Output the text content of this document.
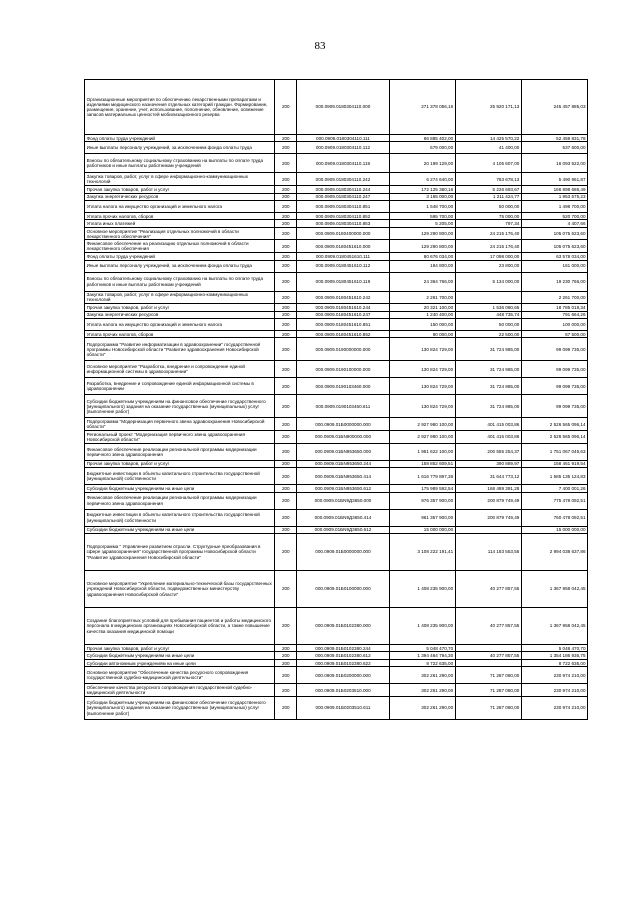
83
Организационные мероприятия по обеспечению лекарственными препаратами и изделиями медицинского назначения отдельных категорий граждан. Формирование, размещение, хранение, учет, использование, пополнение, обновление, освежение запасов материальных ценностей мобилизационного резерва	200	000.0909.0180304110.000	271 378 056,16	25 920 171,13	245 457 885,03
Фонд оплаты труда учреждений	200	000.0909.0180304110.111	66 885 402,00	14 425 570,22	52 459 831,78
Иные выплаты персоналу учреждений, за исключением фонда оплаты труда	200	000.0909.0180304110.112	579 000,00	41 400,00	537 600,00
Взносы по обязательному социальному страхованию на выплаты по оплате труда работников и иные выплаты работникам учреждений	200	000.0909.0180304110.119	20 199 129,00	4 105 607,00	16 093 522,00
Закупка товаров, работ, услуг в сфере информационно-коммуникационных технологий	200	000.0909.0180304110.242	6 274 640,00	783 678,13	5 490 961,87
Прочая закупка товаров, работ и услуг	200	000.0909.0180304110.244	172 125 380,16	5 226 693,67	166 898 686,49
Закупка энергетических ресурсов	200	000.0909.0180304110.247	3 165 000,00	1 211 424,77	1 953 575,23
Уплата налога на имущество организаций и земельного налога	200	000.0909.0180304110.851	1 548 700,00	50 000,00	1 498 700,00
Уплата прочих налогов, сборов	200	000.0909.0180304110.852	595 700,00	75 000,00	520 700,00
Уплата иных платежей	200	000.0909.0180304110.853	5 205,00	797,34	4 407,66
Основное мероприятие "Реализация отдельных полномочий в области лекарственного обеспечения"	200	000.0909.0180400000.000	129 290 800,00	24 215 176,40	105 075 623,60
Финансовое обеспечение на реализацию отдельных полномочий в области лекарственного обеспечения	200	000.0909.0180451610.000	129 290 800,00	24 215 176,40	105 075 623,60
Фонд оплаты труда учреждений	200	000.0909.0180451610.111	80 676 034,00	17 098 000,00	63 578 034,00
Иные выплаты персоналу учреждений, за исключением фонда оплаты труда	200	000.0909.0180451610.112	184 800,00	23 800,00	161 000,00
Взносы по обязательному социальному страхованию на выплаты по оплате труда работников и иные выплаты работникам учреждений	200	000.0909.0180451610.119	24 364 766,00	5 134 000,00	19 230 766,00
Закупка товаров, работ, услуг в сфере информационно-коммуникационных технологий	200	000.0909.0180451610.242	2 261 700,00		2 261 700,00
Прочая закупка товаров, работ и услуг	200	000.0909.0180451610.244	20 321 100,00	1 536 080,65	18 785 019,34
Закупка энергетических ресурсов	200	000.0909.0180451610.247	1 240 400,00	448 735,74	791 664,26
Уплата налога на имущество организаций и земельного налога	200	000.0909.0180451610.851	150 000,00	50 000,00	100 000,00
Уплата прочих налогов, сборов	200	000.0909.0180451610.852	90 000,00	22 500,00	67 500,00
Подпрограмма "Развитие информатизации в здравоохранении" государственной программы Новосибирской области "Развитие здравоохранения Новосибирской области"	200	000.0909.0190000000.000	130 824 729,00	31 724 985,00	99 099 735,00
Основное мероприятие "Разработка, внедрение и сопровождение единой информационной системы в здравоохранении"	200	000.0909.0190100000.000	130 824 729,00	31 724 985,00	99 099 735,00
Разработка, внедрение и сопровождение единой информационной системы в здравоохранении	200	000.0909.0190103460.000	130 824 729,00	31 724 985,00	99 099 735,00
Субсидии бюджетным учреждениям на финансовое обеспечение государственного (муниципального) задания на оказание государственных (муниципальных) услуг (выполнение работ)	200	000.0909.0190103460.611	130 824 729,00	31 724 985,00	99 099 735,00
Подпрограмма "Модернизация первичного звена здравоохранения Новосибирской области"	200	000.0909.01Б0000000.000	2 927 980 100,00	401 415 003,86	2 526 565 096,14
Региональный проект "Модернизация первичного звена здравоохранения Новосибирской области"	200	000.0909.01БN900000.000	2 927 980 100,00	401 415 003,86	2 526 565 096,14
Финансовое обеспечение реализации региональной программы модернизации первичного звена здравоохранения	200	000.0909.01БN953650.000	1 951 622 100,00	200 555 254,37	1 751 067 045,63
Прочая закупка товаров, работ и услуг	200	000.0909.01БN953650.244	158 852 609,51	390 889,97	158 461 919,54
Бюджетные инвестиции в объекты капитального строительства государственной (муниципальной) собственности	200	000.0909.01БN953650.414	1 616 779 897,36	31 644 773,12	1 585 135 124,83
Субсидии бюджетным учреждениям на иные цели	200	000.0909.01БN953650.612	175 989 592,54	168 489 391,28	7 400 001,26
Финансовое обеспечение реализации региональной программы модернизации первичного звена здравоохранения	200	000.0909.01БN9Д3650.000	976 357 900,00	200 879 749,49	775 478 092,51
Бюджетные инвестиции в объекты капитального строительства государственной (муниципальной) собственности	200	000.0909.01БN9Д3650.414	961 357 900,00	200 879 749,49	760 478 092,51
Субсидии бюджетным учреждениям на иные цели	200	000.0909.01БN9Д3650.612	15 000 000,00		15 000 000,00
Подпрограмма " Управление развитием отрасли. Структурные преобразования в сфере здравоохранения" государственной программы Новосибирской области "Развитие здравоохранения Новосибирской области"	200	000.0909.01Б0000000.000	3 108 222 191,41	114 183 553,55	2 994 038 637,86
Основное мероприятие "Укрепление материально-технической базы государственных учреждений Новосибирской области, подведомственных министерству здравоохранения Новосибирской области"	200	000.0909.01Б0100000.000	1 408 235 900,00	40 277 857,55	1 367 958 042,45
Создание благоприятных условий для пребывания пациентов и работы медицинского персонала в медицинских организациях Новосибирской области, а также повышение качества оказания медицинской помощи	200	000.0909.01Б0102380.000	1 408 235 900,00	40 277 857,55	1 367 958 042,45
Прочая закупка товаров, работ и услуг	200	000.0909.01Б0102380.244	5 048 470,70		5 048 470,70
Субсидии бюджетным учреждениям на иные цели	200	000.0909.01Б0102380.612	1 394 464 794,30	40 277 857,55	1 354 186 936,75
Субсидии автономным учреждениям на иные цели	200	000.0909.01Б0102380.622	8 722 635,00		8 722 635,00
Основное мероприятие "Обеспечение качества ресурсного сопровождения государственной судебно-медицинской деятельности"	200	000.0909.01Б0200000.000	302 261 290,00	71 287 080,00	230 974 210,00
Обеспечение качества ресурсного сопровождения государственной судебно-медицинской деятельности	200	000.0909.01Б0203510.000	302 261 290,00	71 287 080,00	230 974 210,00
Субсидии бюджетным учреждениям на финансовое обеспечение государственного (муниципального) задания на оказание государственных (муниципальных) услуг (выполнение работ)	200	000.0909.01Б0203510.611	302 261 290,00	71 287 080,00	230 974 210,00
